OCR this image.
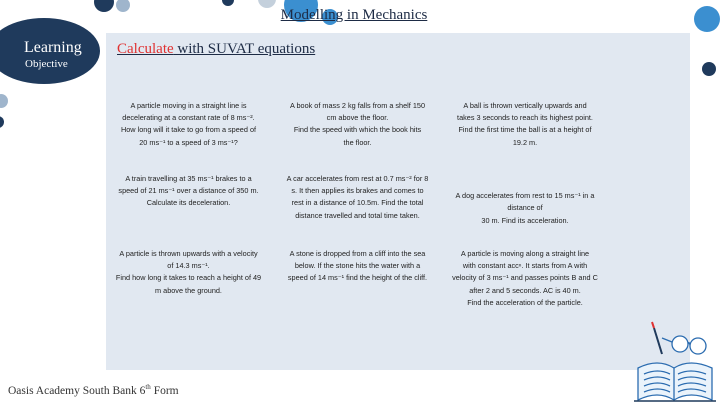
Modelling in Mechanics
Learning
Objective
Calculate with SUVAT equations
A particle moving in a straight line is
decelerating at a constant rate of 8 ms⁻².
How long will it take to go from a speed of
20 ms⁻¹ to a speed of 3 ms⁻¹?
A book of mass 2 kg falls from a shelf 150
cm above the floor.
Find the speed with which the book hits
the floor.
A ball is thrown vertically upwards and
takes 3 seconds to reach its highest point.
Find the first time the ball is at a height of
19.2 m.
A train travelling at 35 ms⁻¹ brakes to a
speed of 21 ms⁻¹ over a distance of 350 m.
Calculate its deceleration.
A car accelerates from rest at 0.7 ms⁻² for 8
s. It then applies its brakes and comes to
rest in a distance of 10.5m. Find the total
distance travelled and total time taken.
A dog accelerates from rest to 15 ms⁻¹ in a
distance of
30 m. Find its acceleration.
A particle is thrown upwards with a velocity
of 14.3 ms⁻¹.
Find how long it takes to reach a height of 49
m above the ground.
A stone is dropped from a cliff into the sea
below. If the stone hits the water with a
speed of 14 ms⁻¹ find the height of the cliff.
A particle is moving along a straight line
with constant accⁿ. It starts from A with
velocity of 3 ms⁻¹ and passes points B and C
after 2 and 5 seconds. AC is 40 m.
Find the acceleration of the particle.
Oasis Academy South Bank 6th Form
